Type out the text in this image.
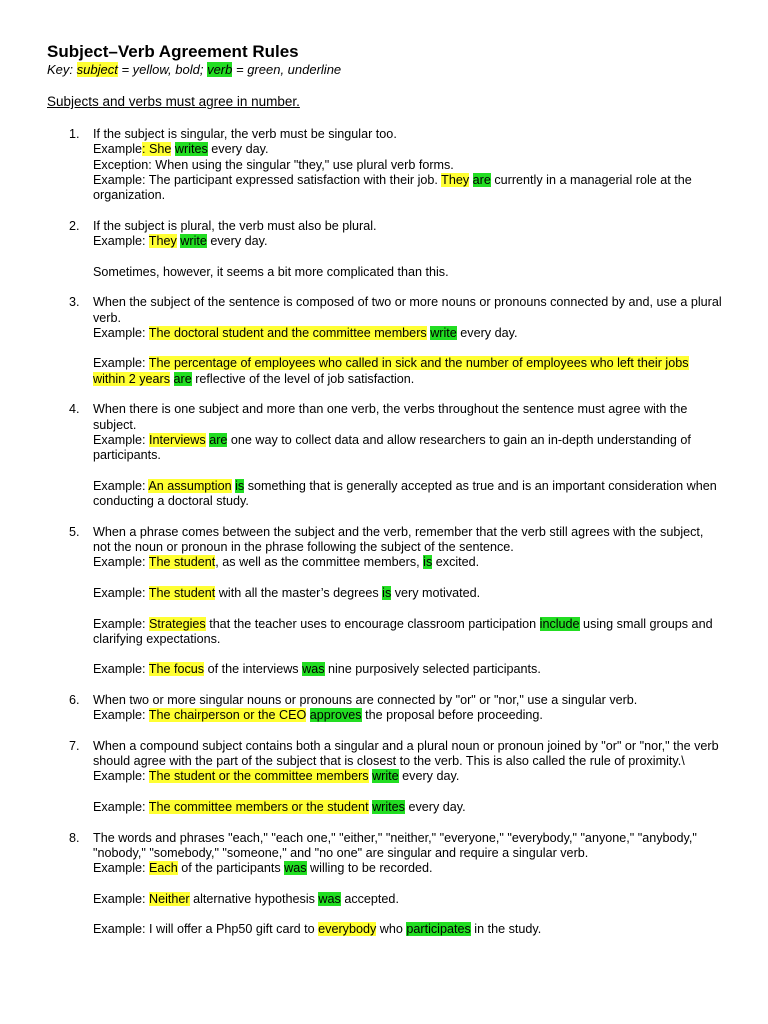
Subject–Verb Agreement Rules

Key: subject = yellow, bold; verb = green, underline

Subjects and verbs must agree in number.

1. If the subject is singular, the verb must be singular too.
Example: She writes every day.
Exception: When using the singular "they," use plural verb forms.
Example: The participant expressed satisfaction with their job. They are currently in a managerial role at the organization.
2. If the subject is plural, the verb must also be plural.
Example: They write every day.
Sometimes, however, it seems a bit more complicated than this.
3. When the subject of the sentence is composed of two or more nouns or pronouns connected by and, use a plural verb.
Example: The doctoral student and the committee members write every day.
Example: The percentage of employees who called in sick and the number of employees who left their jobs within 2 years are reflective of the level of job satisfaction.
4. When there is one subject and more than one verb, the verbs throughout the sentence must agree with the subject.
Example: Interviews are one way to collect data and allow researchers to gain an in-depth understanding of participants.
Example: An assumption is something that is generally accepted as true and is an important consideration when conducting a doctoral study.
5. When a phrase comes between the subject and the verb, remember that the verb still agrees with the subject, not the noun or pronoun in the phrase following the subject of the sentence.
Example: The student, as well as the committee members, is excited.
Example: The student with all the master’s degrees is very motivated.
Example: Strategies that the teacher uses to encourage classroom participation include using small groups and clarifying expectations.
Example: The focus of the interviews was nine purposively selected participants.
6. When two or more singular nouns or pronouns are connected by "or" or "nor," use a singular verb.
Example: The chairperson or the CEO approves the proposal before proceeding.
7. When a compound subject contains both a singular and a plural noun or pronoun joined by "or" or "nor," the verb should agree with the part of the subject that is closest to the verb. This is also called the rule of proximity.\
Example: The student or the committee members write every day.
Example: The committee members or the student writes every day.
8. The words and phrases "each," "each one," "either," "neither," "everyone," "everybody," "anyone," "anybody," "nobody," "somebody," "someone," and "no one" are singular and require a singular verb.
Example: Each of the participants was willing to be recorded.
Example: Neither alternative hypothesis was accepted.
Example: I will offer a Php50 gift card to everybody who participates in the study.
